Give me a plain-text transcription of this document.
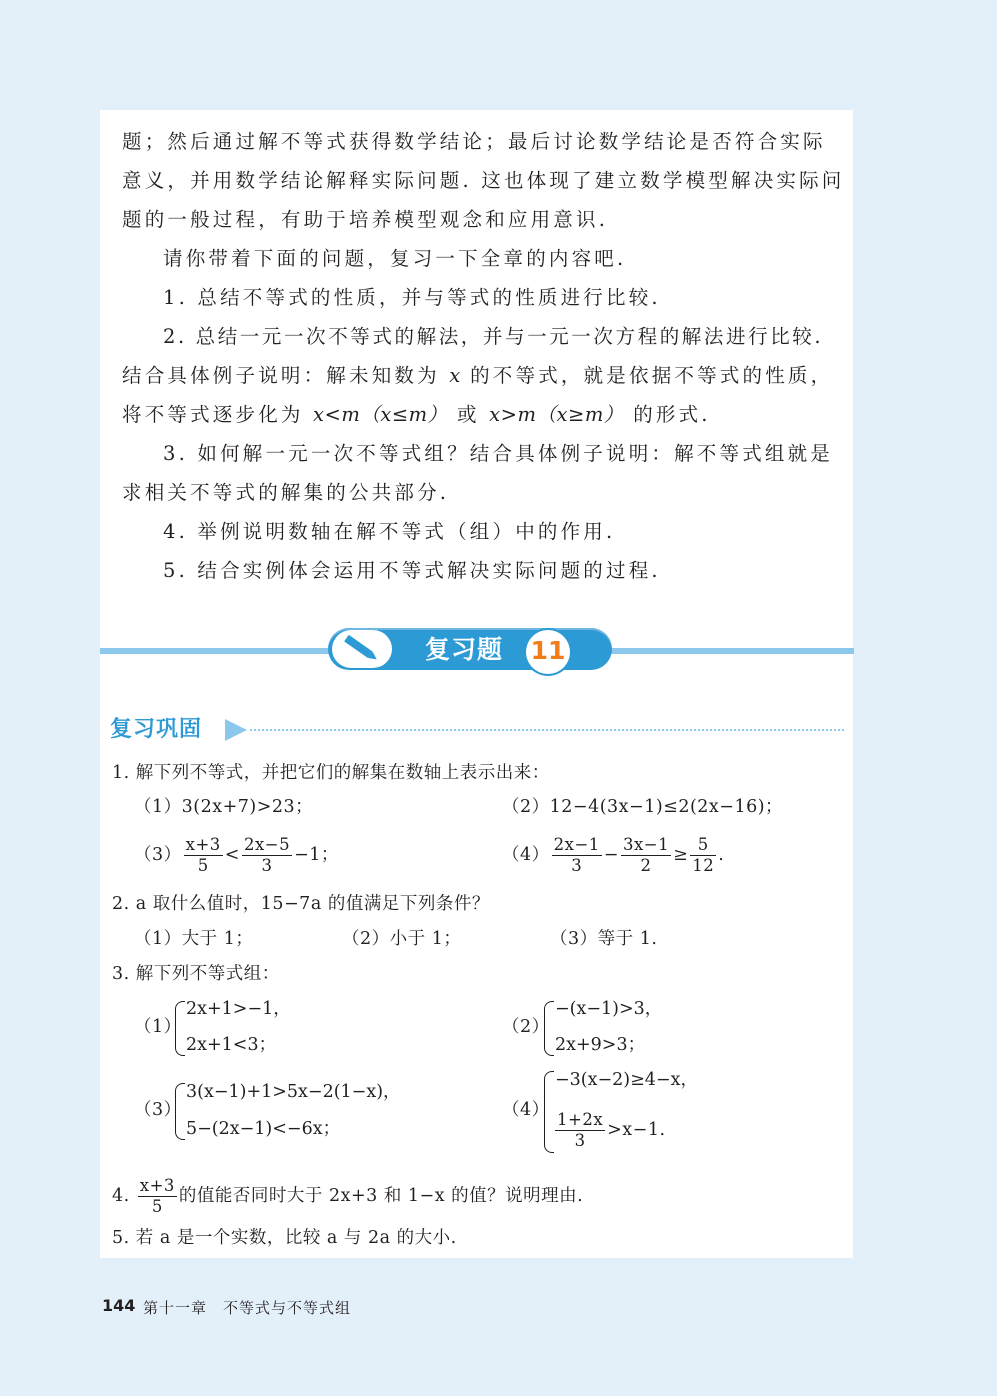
题；然后通过解不等式获得数学结论；最后讨论数学结论是否符合实际

意义，并用数学结论解释实际问题. 这也体现了建立数学模型解决实际问

题的一般过程，有助于培养模型观念和应用意识.

请你带着下面的问题，复习一下全章的内容吧.

1. 总结不等式的性质，并与等式的性质进行比较.

2. 总结一元一次不等式的解法，并与一元一次方程的解法进行比较.

结合具体例子说明：解未知数为 x 的不等式，就是依据不等式的性质，

将不等式逐步化为 x<m（x≤m） 或 x>m（x≥m） 的形式.

3. 如何解一元一次不等式组？结合具体例子说明：解不等式组就是

求相关不等式的解集的公共部分.

4. 举例说明数轴在解不等式（组）中的作用.

5. 结合实例体会运用不等式解决实际问题的过程.

复习题 11
复习巩固
1. 解下列不等式，并把它们的解集在数轴上表示出来：
（1）3(2x+7)>23；	（2）12−4(3x−1)≤2(2x−16)；
$(3) \frac{x+3}{5} < \frac{2x-5}{3} -1$；	$(4) \frac{2x-1}{3} - \frac{3x-1}{2} \ge \frac{5}{12}$ .
2. a 取什么值时，15−7a 的值满足下列条件？
（1）大于 1；	（2）小于 1；	（3）等于 1.
3. 解下列不等式组：
（1）
2x+1>−1，
2x+1<3；
（2）
−(x−1)>3，
2x+9>3；
（3）
3(x−1)+1>5x−2(1−x)，
5−(2x−1)<−6x；
（4）
−3(x−2)≥4−x，
$\frac{1+2x}{3} >x-1$.
4. $\frac{x+3}{5}$ 的值能否同时大于 2x+3 和 1−x 的值？说明理由.
5. 若 a 是一个实数，比较 a 与 2a 的大小.
144 第十一章　不等式与不等式组
